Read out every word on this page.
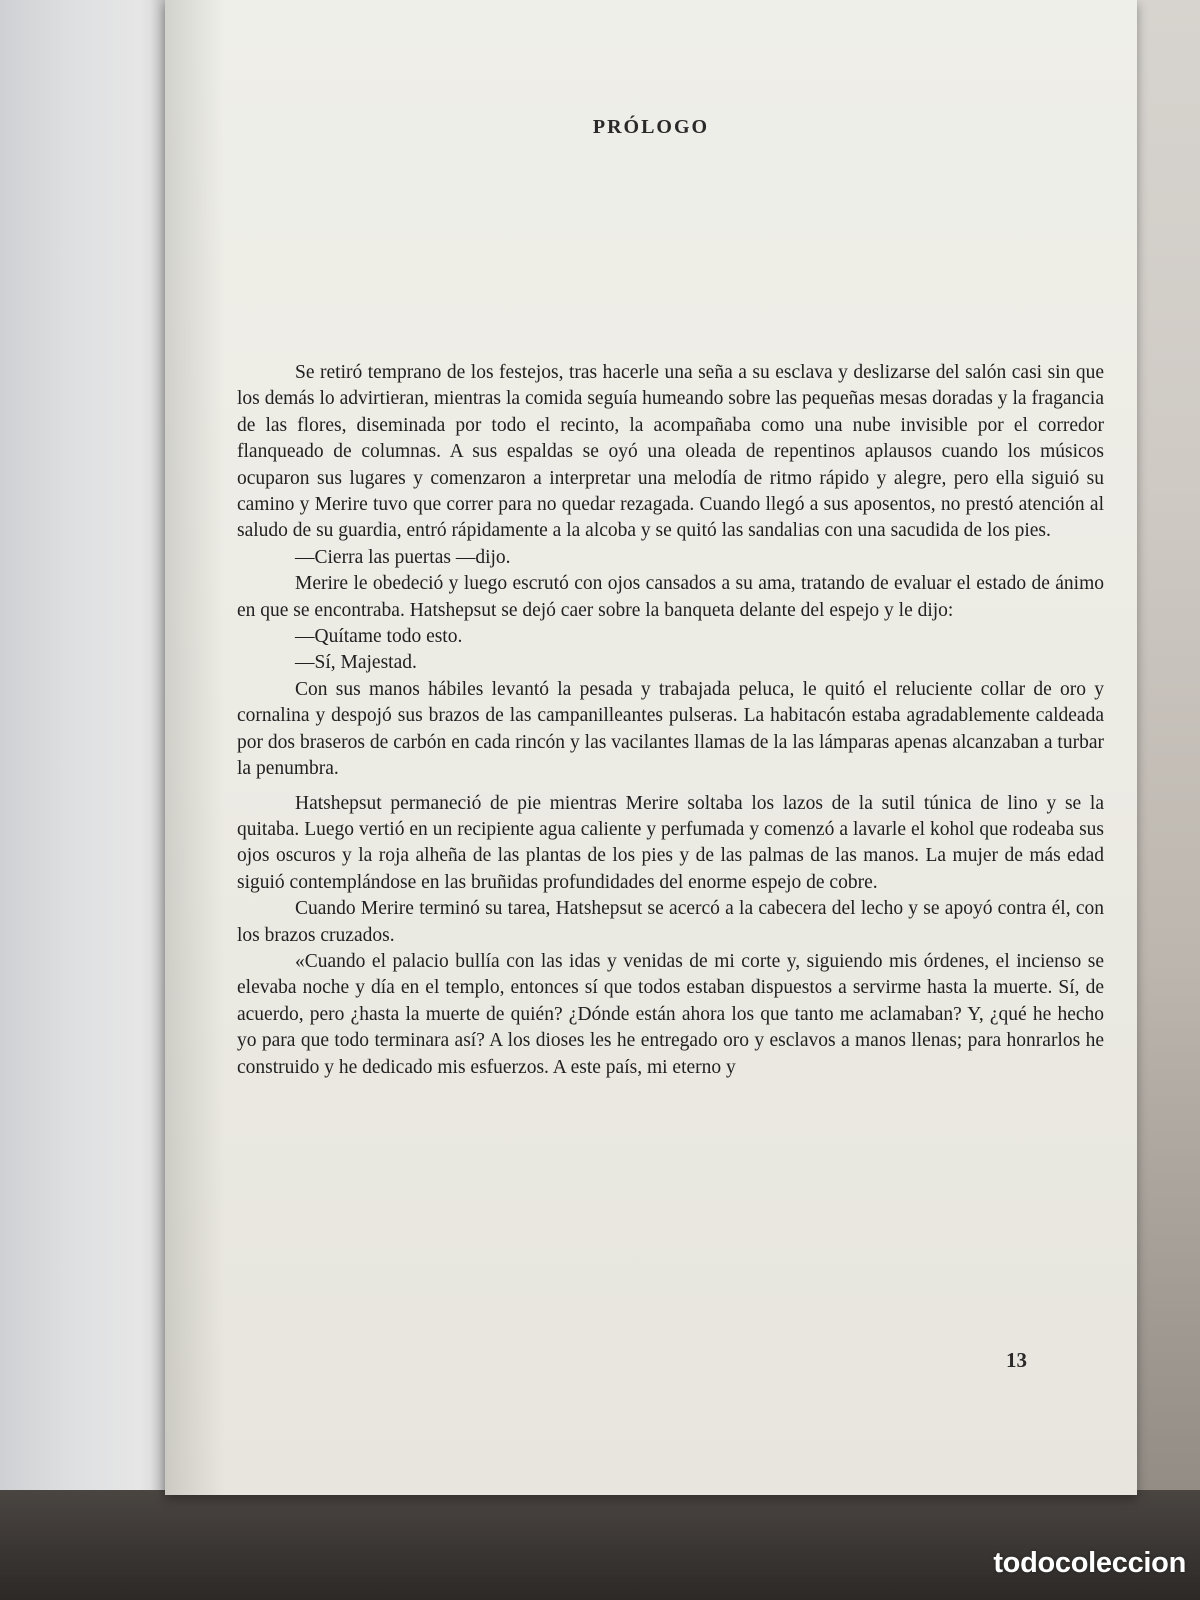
PRÓLOGO

Se retiró temprano de los festejos, tras hacerle una seña a su esclava y deslizarse del salón casi sin que los demás lo advirtieran, mientras la comida seguía humeando sobre las pequeñas mesas doradas y la fragancia de las flores, diseminada por todo el recinto, la acompañaba como una nube invisible por el corredor flanqueado de columnas. A sus espaldas se oyó una oleada de repentinos aplausos cuando los músicos ocuparon sus lugares y comenzaron a interpretar una melodía de ritmo rápido y alegre, pero ella siguió su camino y Merire tuvo que correr para no quedar rezagada. Cuando llegó a sus aposentos, no prestó atención al saludo de su guardia, entró rápidamente a la alcoba y se quitó las sandalias con una sacudida de los pies.

—Cierra las puertas —dijo.

Merire le obedeció y luego escrutó con ojos cansados a su ama, tratando de evaluar el estado de ánimo en que se encontraba. Hatshepsut se dejó caer sobre la banqueta delante del espejo y le dijo:

—Quítame todo esto.

—Sí, Majestad.

Con sus manos hábiles levantó la pesada y trabajada peluca, le quitó el reluciente collar de oro y cornalina y despojó sus brazos de las campanilleantes pulseras. La habitacón estaba agradablemente caldeada por dos braseros de carbón en cada rincón y las vacilantes llamas de la las lámparas apenas alcanzaban a turbar la penumbra.

Hatshepsut permaneció de pie mientras Merire soltaba los lazos de la sutil túnica de lino y se la quitaba. Luego vertió en un recipiente agua caliente y perfumada y comenzó a lavarle el kohol que rodeaba sus ojos oscuros y la roja alheña de las plantas de los pies y de las palmas de las manos. La mujer de más edad siguió contemplándose en las bruñidas profundidades del enorme espejo de cobre.

Cuando Merire terminó su tarea, Hatshepsut se acercó a la cabecera del lecho y se apoyó contra él, con los brazos cruzados.

«Cuando el palacio bullía con las idas y venidas de mi corte y, siguiendo mis órdenes, el incienso se elevaba noche y día en el templo, entonces sí que todos estaban dispuestos a servirme hasta la muerte. Sí, de acuerdo, pero ¿hasta la muerte de quién? ¿Dónde están ahora los que tanto me aclamaban? Y, ¿qué he hecho yo para que todo terminara así? A los dioses les he entregado oro y esclavos a manos llenas; para honrarlos he construido y he dedicado mis esfuerzos. A este país, mi eterno y

13
todocoleccion
